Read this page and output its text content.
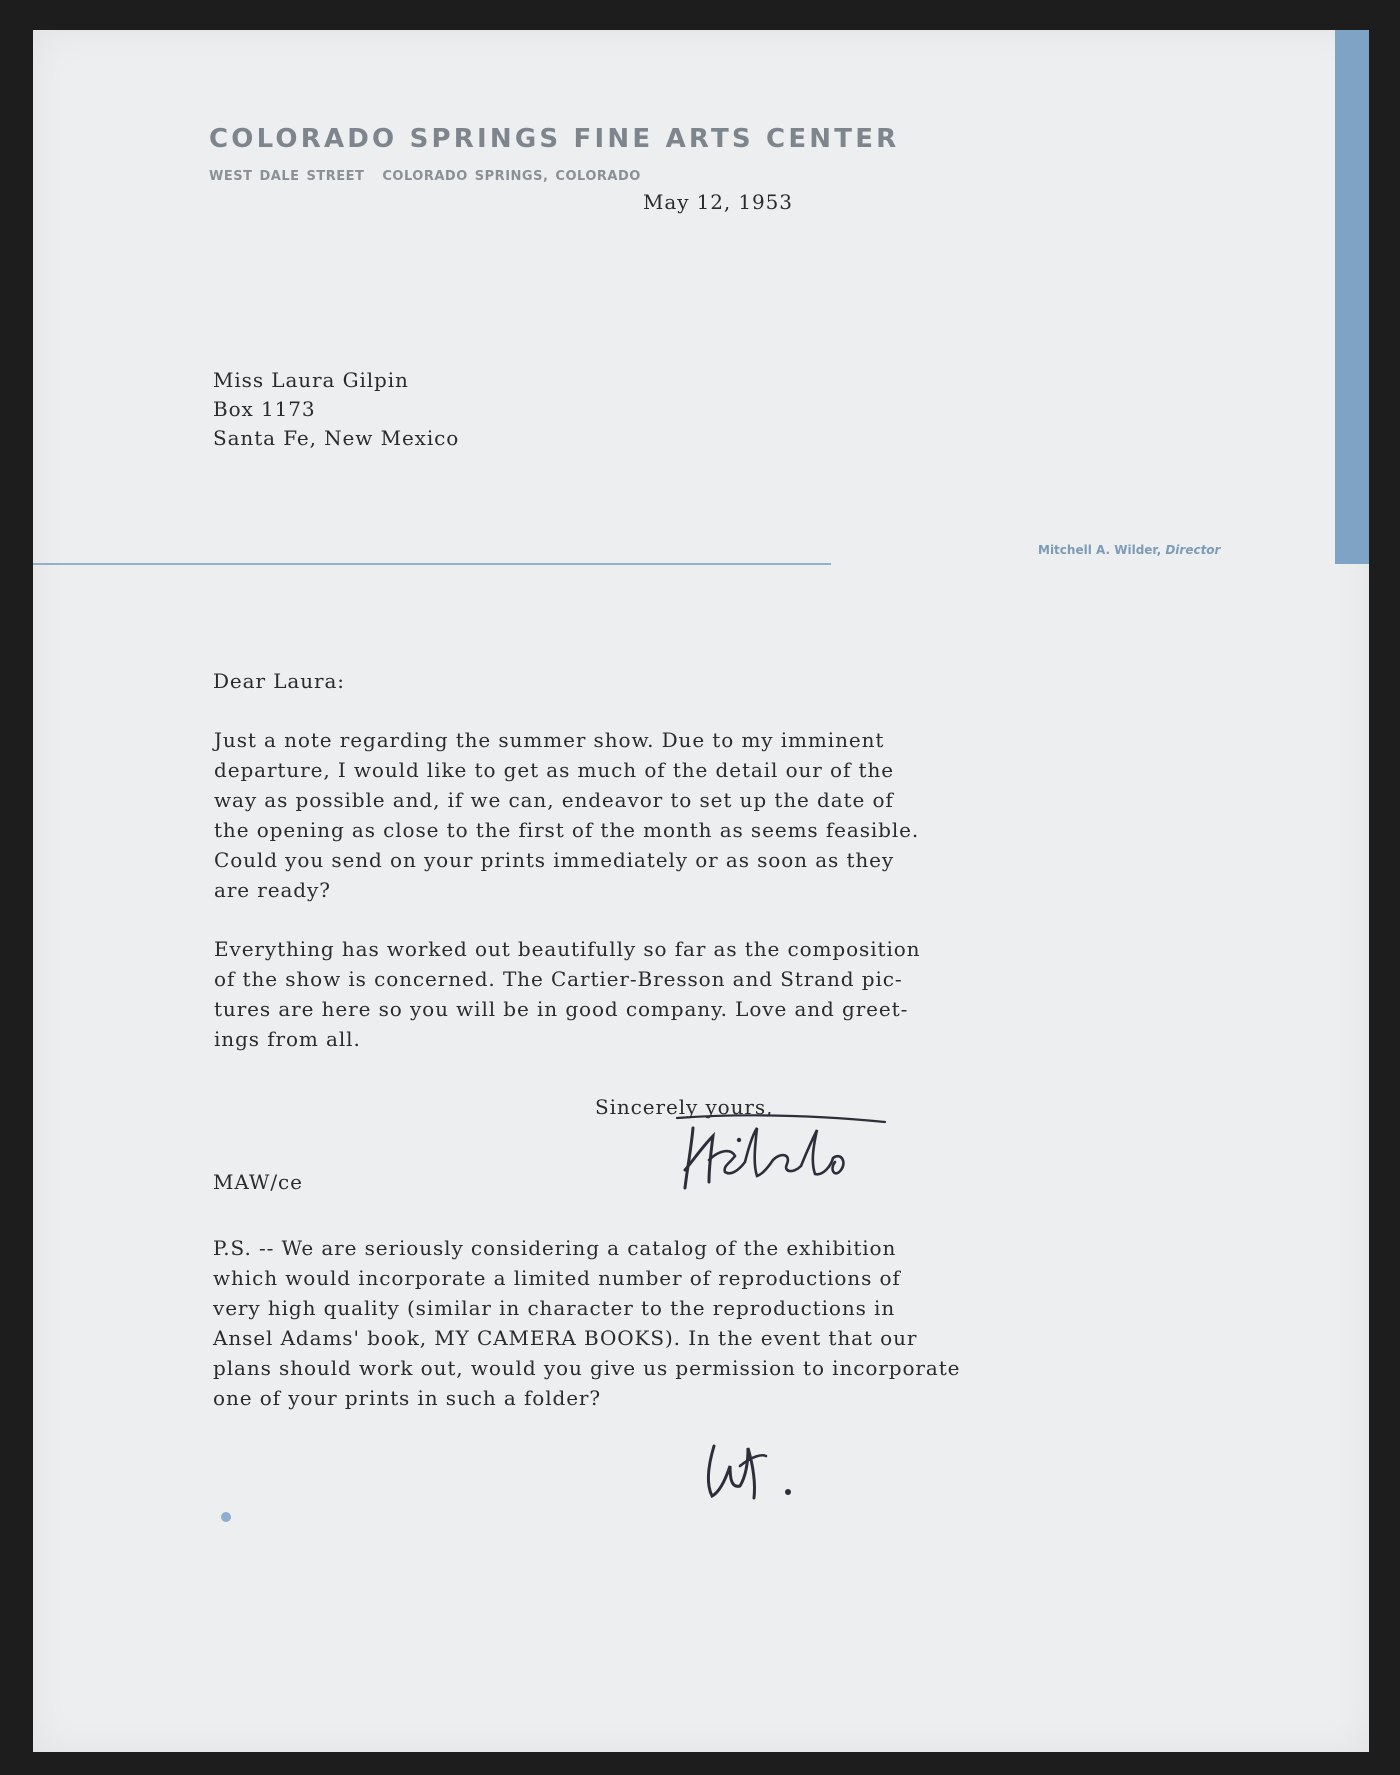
COLORADO SPRINGS FINE ARTS CENTER
WEST DALE STREET COLORADO SPRINGS, COLORADO
Mitchell A. Wilder, Director
May 12, 1953
Miss Laura Gilpin
Box 1173
Santa Fe, New Mexico
Dear Laura:
Just a note regarding the summer show. Due to my imminent
departure, I would like to get as much of the detail our of the
way as possible and, if we can, endeavor to set up the date of
the opening as close to the first of the month as seems feasible.
Could you send on your prints immediately or as soon as they
are ready?
Everything has worked out beautifully so far as the composition
of the show is concerned. The Cartier-Bresson and Strand pic-
tures are here so you will be in good company. Love and greet-
ings from all.
Sincerely yours,
MAW/ce
P.S. -- We are seriously considering a catalog of the exhibition
which would incorporate a limited number of reproductions of
very high quality (similar in character to the reproductions in
Ansel Adams' book, MY CAMERA BOOKS). In the event that our
plans should work out, would you give us permission to incorporate
one of your prints in such a folder?
